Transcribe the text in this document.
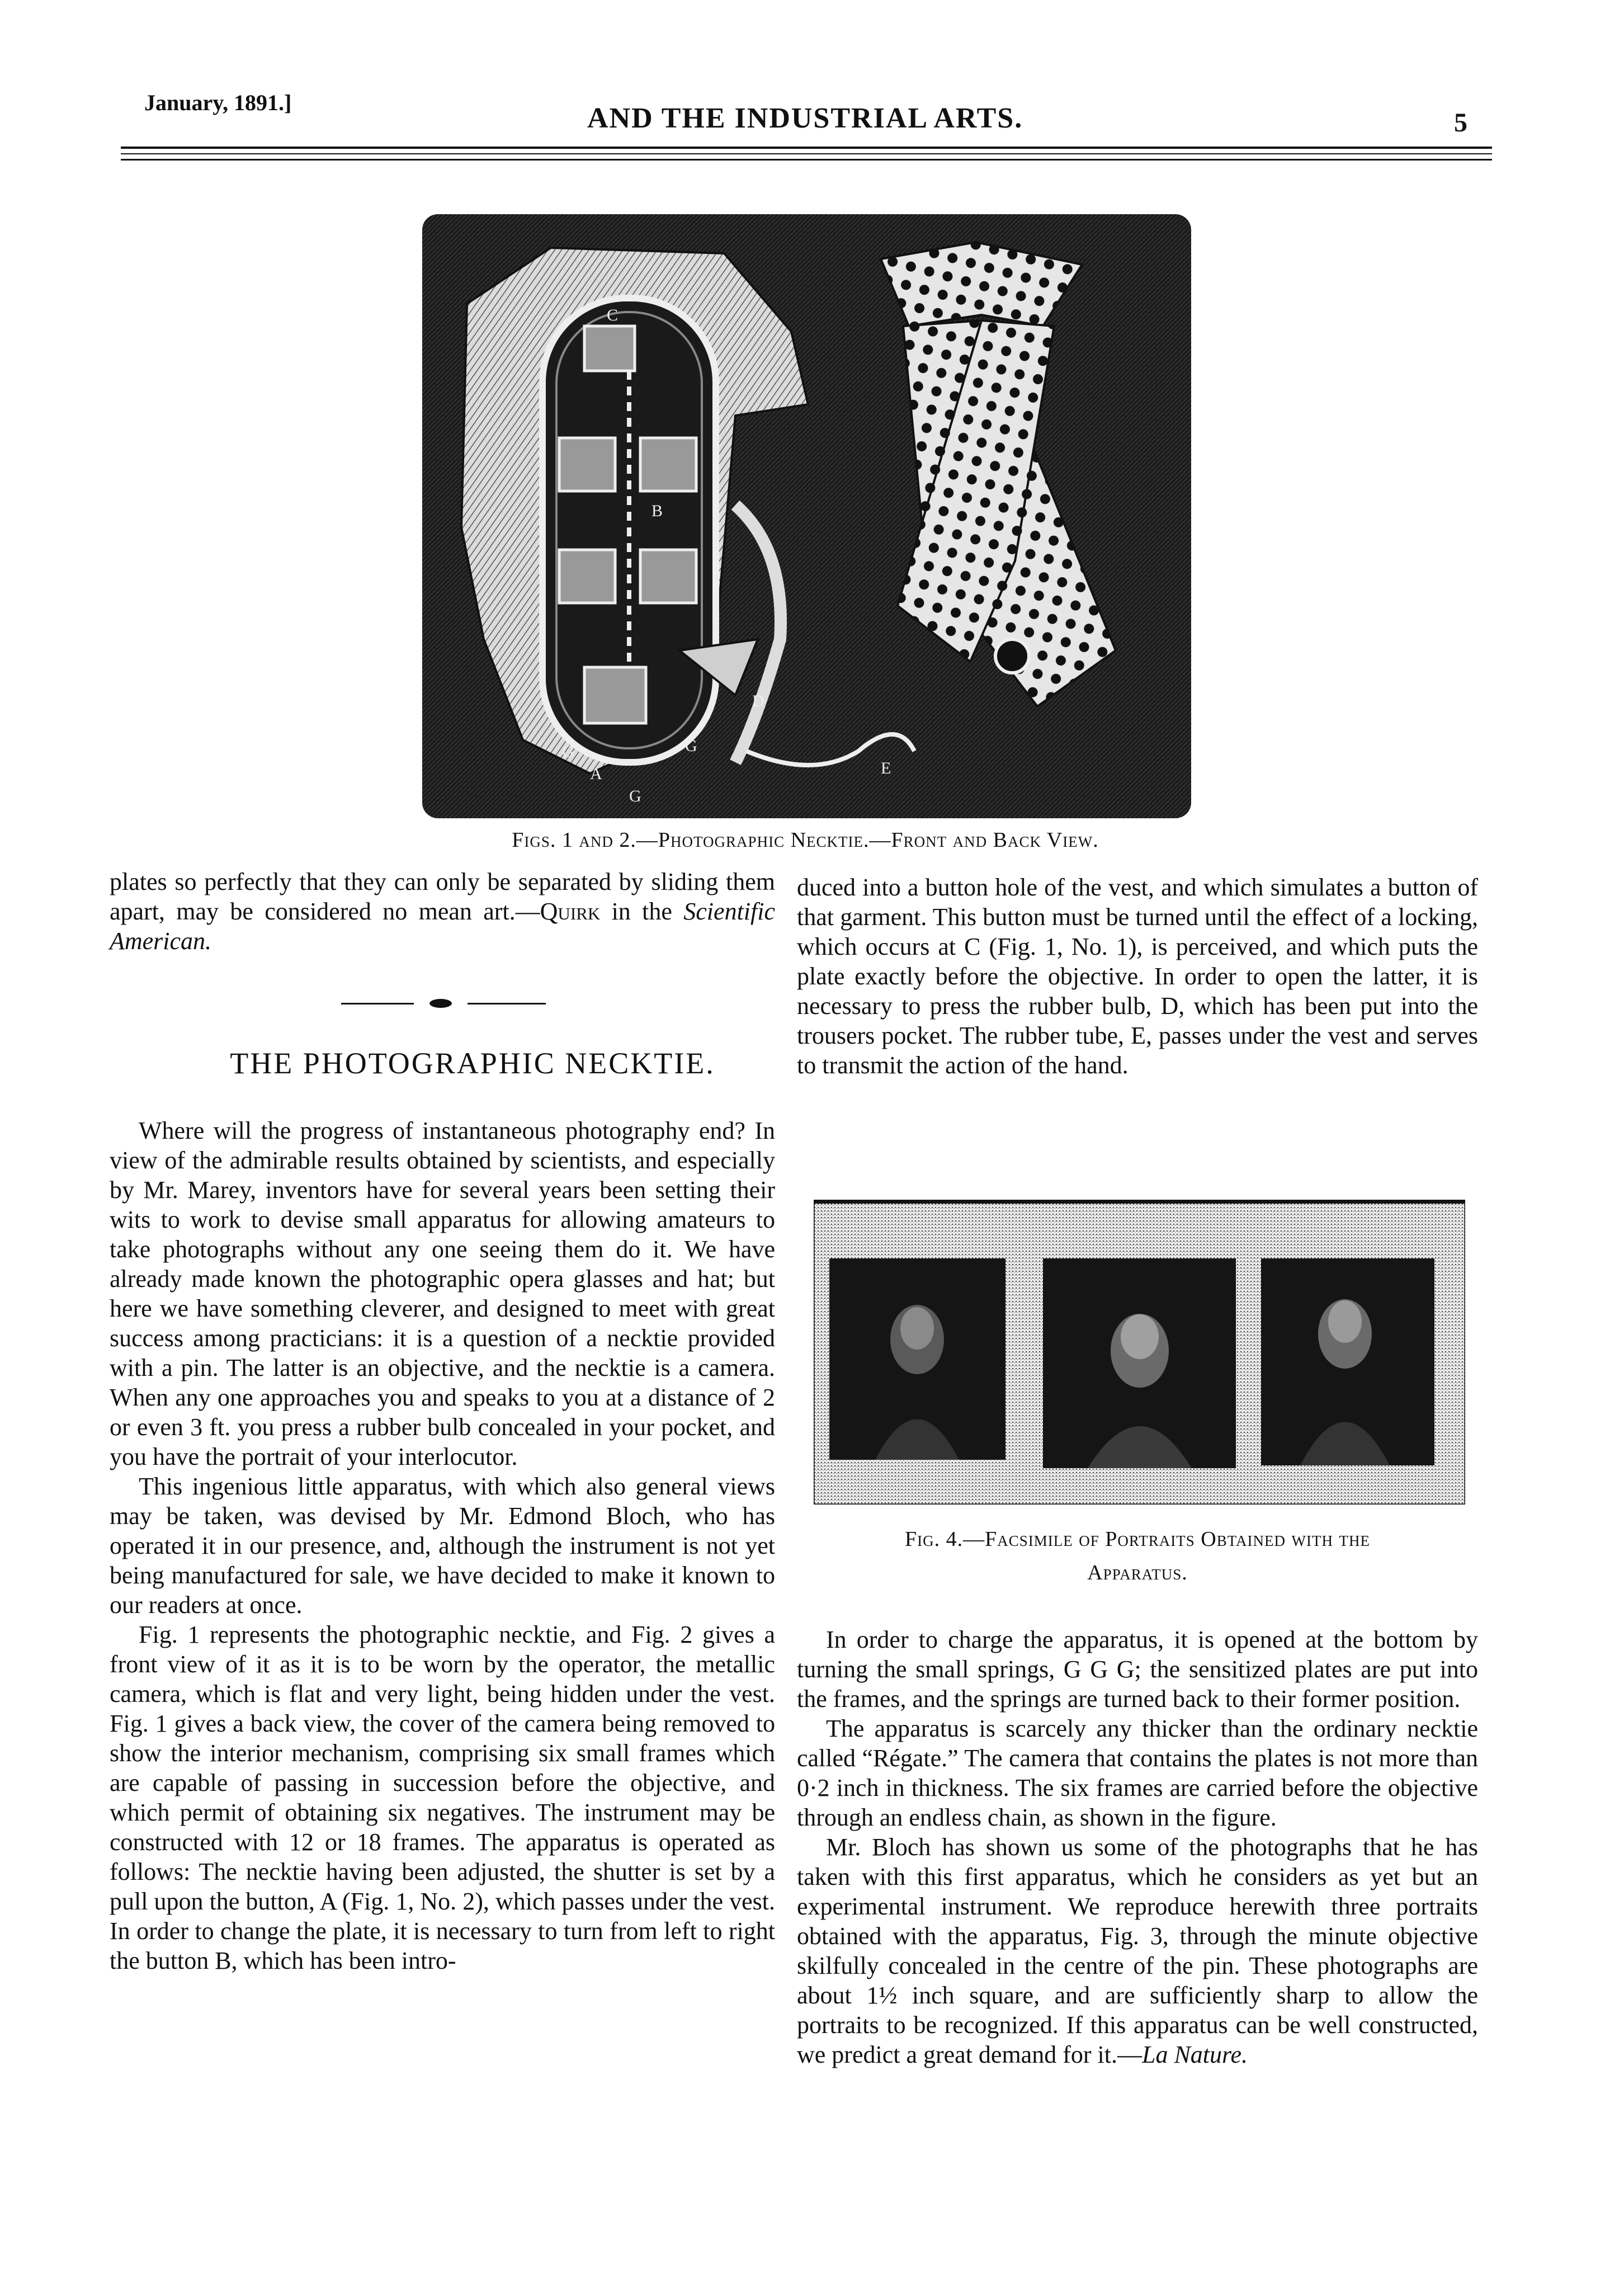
January, 1891.]	AND THE INDUSTRIAL ARTS.	5
A
B
C
D
E
G
G
G
Figs. 1 and 2.—Photographic Necktie.—Front and Back View.

plates so perfectly that they can only be separated by sliding them apart, may be considered no mean art.—Quirk in the Scientific American.

THE PHOTOGRAPHIC NECKTIE.

Where will the progress of instantaneous photography end? In view of the admirable results obtained by scientists, and especially by Mr. Marey, inventors have for several years been setting their wits to work to devise small apparatus for allowing amateurs to take photographs without any one seeing them do it. We have already made known the photographic opera glasses and hat; but here we have something cleverer, and designed to meet with great success among practicians: it is a question of a necktie provided with a pin. The latter is an objective, and the necktie is a camera. When any one approaches you and speaks to you at a distance of 2 or even 3 ft. you press a rubber bulb concealed in your pocket, and you have the portrait of your interlocutor.

This ingenious little apparatus, with which also general views may be taken, was devised by Mr. Edmond Bloch, who has operated it in our presence, and, although the instrument is not yet being manufactured for sale, we have decided to make it known to our readers at once.

Fig. 1 represents the photographic necktie, and Fig. 2 gives a front view of it as it is to be worn by the operator, the metallic camera, which is flat and very light, being hidden under the vest. Fig. 1 gives a back view, the cover of the camera being removed to show the interior mechanism, comprising six small frames which are capable of passing in succession before the objective, and which permit of obtaining six negatives. The instrument may be constructed with 12 or 18 frames. The apparatus is operated as follows: The necktie having been adjusted, the shutter is set by a pull upon the button, A (Fig. 1, No. 2), which passes under the vest. In order to change the plate, it is necessary to turn from left to right the button B, which has been intro-

duced into a button hole of the vest, and which simulates a button of that garment. This button must be turned until the effect of a locking, which occurs at C (Fig. 1, No. 1), is perceived, and which puts the plate exactly before the objective. In order to open the latter, it is necessary to press the rubber bulb, D, which has been put into the trousers pocket. The rubber tube, E, passes under the vest and serves to transmit the action of the hand.

Fig. 4.—Facsimile of Portraits Obtained with the
Apparatus.

In order to charge the apparatus, it is opened at the bottom by turning the small springs, G G G; the sensitized plates are put into the frames, and the springs are turned back to their former position.

The apparatus is scarcely any thicker than the ordinary necktie called “Régate.” The camera that contains the plates is not more than 0·2 inch in thickness. The six frames are carried before the objective through an endless chain, as shown in the figure.

Mr. Bloch has shown us some of the photographs that he has taken with this first apparatus, which he considers as yet but an experimental instrument. We reproduce herewith three portraits obtained with the apparatus, Fig. 3, through the minute objective skilfully concealed in the centre of the pin. These photographs are about 1½ inch square, and are sufficiently sharp to allow the portraits to be recognized. If this apparatus can be well constructed, we predict a great demand for it.—La Nature.
